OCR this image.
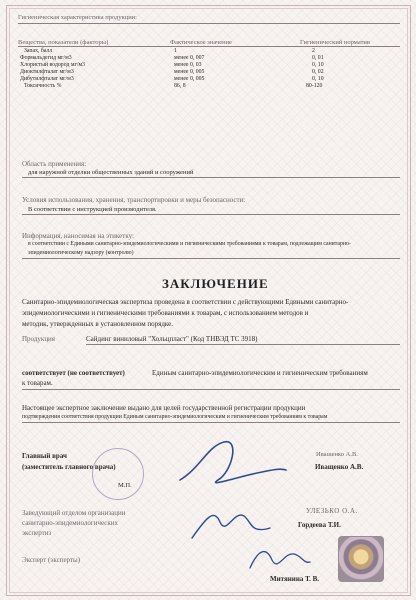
Гигиеническая характеристика продукции:
Вещества, показатели (факторы)	Фактическое значение	Гигиенический норматив
Запах, балл	1	2
Формальдегид мг/м3	менее 0, 007	0, 01
Хлористый водород мг/м3	менее 0, 03	0, 10
Диоктилфталат мг/м3	менее 0, 005	0, 02
Дибутилфталат мг/м3	менее 0, 005	0, 10
Токсичность %	86, 8	80-120
Область применения:
для наружной отделки общественных зданий и сооружений
Условия использования, хранения, транспортировки и меры безопасности:
В соответствии с инструкцией производителя.
Информация, наносимая на этикетку:
в соответствии с Едиными санитарно-эпидемиологическими и гигиеническими требованиями к товарам, подлежащим санитарно-
эпидемиологическому надзору (контролю)
ЗАКЛЮЧЕНИЕ
Санитарно-эпидемиологическая экспертиза проведена в соответствии с действующими Едиными санитарно-
эпидемиологическими и гигиеническими требованиями к товарам, с использованием методов и
методик, утвержденных в установленном порядке.
Продукция	Сайдинг виниловый "Хольцпласт" (Код ТНВЭД ТС 3918)
соответствует (не соответствует)	Единым санитарно-эпидемиологическим и гигиеническим требованиям
к товарам.
Настоящее экспертное заключение выдано для целей государственной регистрации продукции
подтверждения соответствия продукции Единым санитарно-эпидемиологическим и гигиеническим требованиям к товарам
Главный врач
(заместитель главного врача)
М.П.
Ивашенко А.В.
Иващенко А.В.
Заведующий отделом организации
санитарно-эпидемиологических
экспертиз
УЛЕЗЬКО О.А.
Гордеева Т.И.
Эксперт (эксперты)
Митянина Т. В.
